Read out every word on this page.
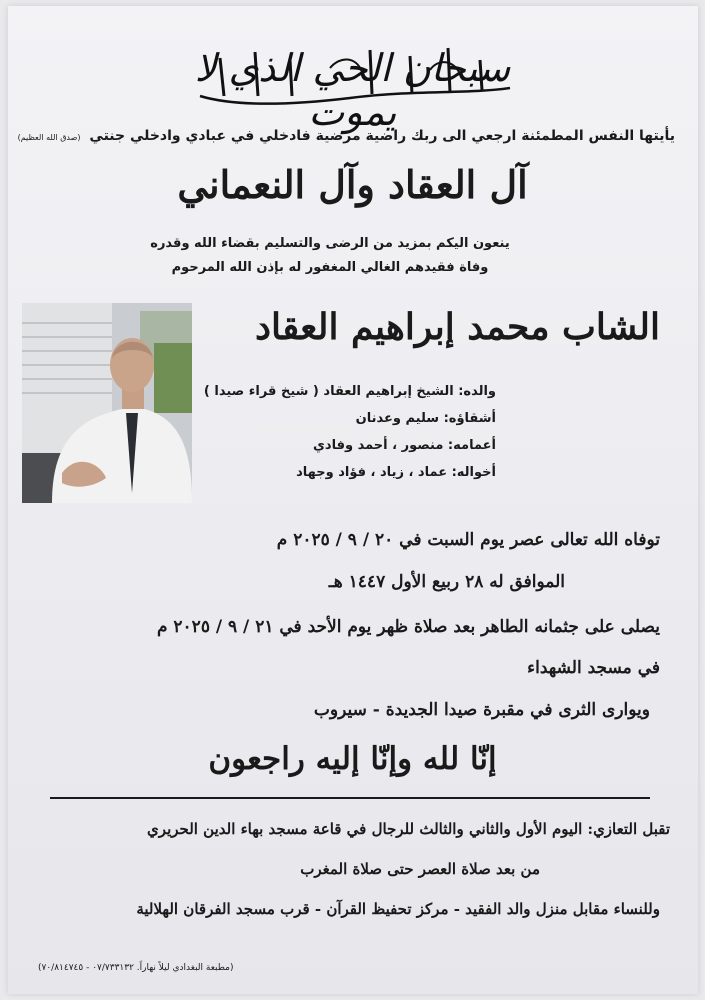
سبحان الحي الذي لا يموت
يأيتها النفس المطمئنة ارجعي الى ربك راضية مرضية فادخلي في عبادي وادخلي جنتي (صدق الله العظيم)
آل العقاد وآل النعماني
ينعون اليكم بمزيد من الرضى والتسليم بقضاء الله وقدره
وفاة فقيدهم الغالي المغفور له بإذن الله المرحوم
الشاب محمد إبراهيم العقاد
والده: الشيخ إبراهيم العقاد ( شيخ قراء صيدا )
أشقاؤه: سليم وعدنان
أعمامه: منصور ، أحمد وفادي
أخواله: عماد ، زياد ، فؤاد وجهاد
توفاه الله تعالى عصر يوم السبت في ٢٠ / ٩ / ٢٠٢٥ م
الموافق له ٢٨ ربيع الأول ١٤٤٧ هـ
يصلى على جثمانه الطاهر بعد صلاة ظهر يوم الأحد في ٢١ / ٩ / ٢٠٢٥ م
في مسجد الشهداء
ويوارى الثرى في مقبرة صيدا الجديدة - سيروب
إنّا لله وإنّا إليه راجعون
تقبل التعازي: اليوم الأول والثاني والثالث للرجال في قاعة مسجد بهاء الدين الحريري
من بعد صلاة العصر حتى صلاة المغرب
وللنساء مقابل منزل والد الفقيد - مركز تحفيظ القرآن - قرب مسجد الفرقان الهلالية
(مطبعة البغدادي ليلاً نهاراً. ٠٧/٧٣٣١٣٢ - ٧٠/٨١٤٧٤٥)
